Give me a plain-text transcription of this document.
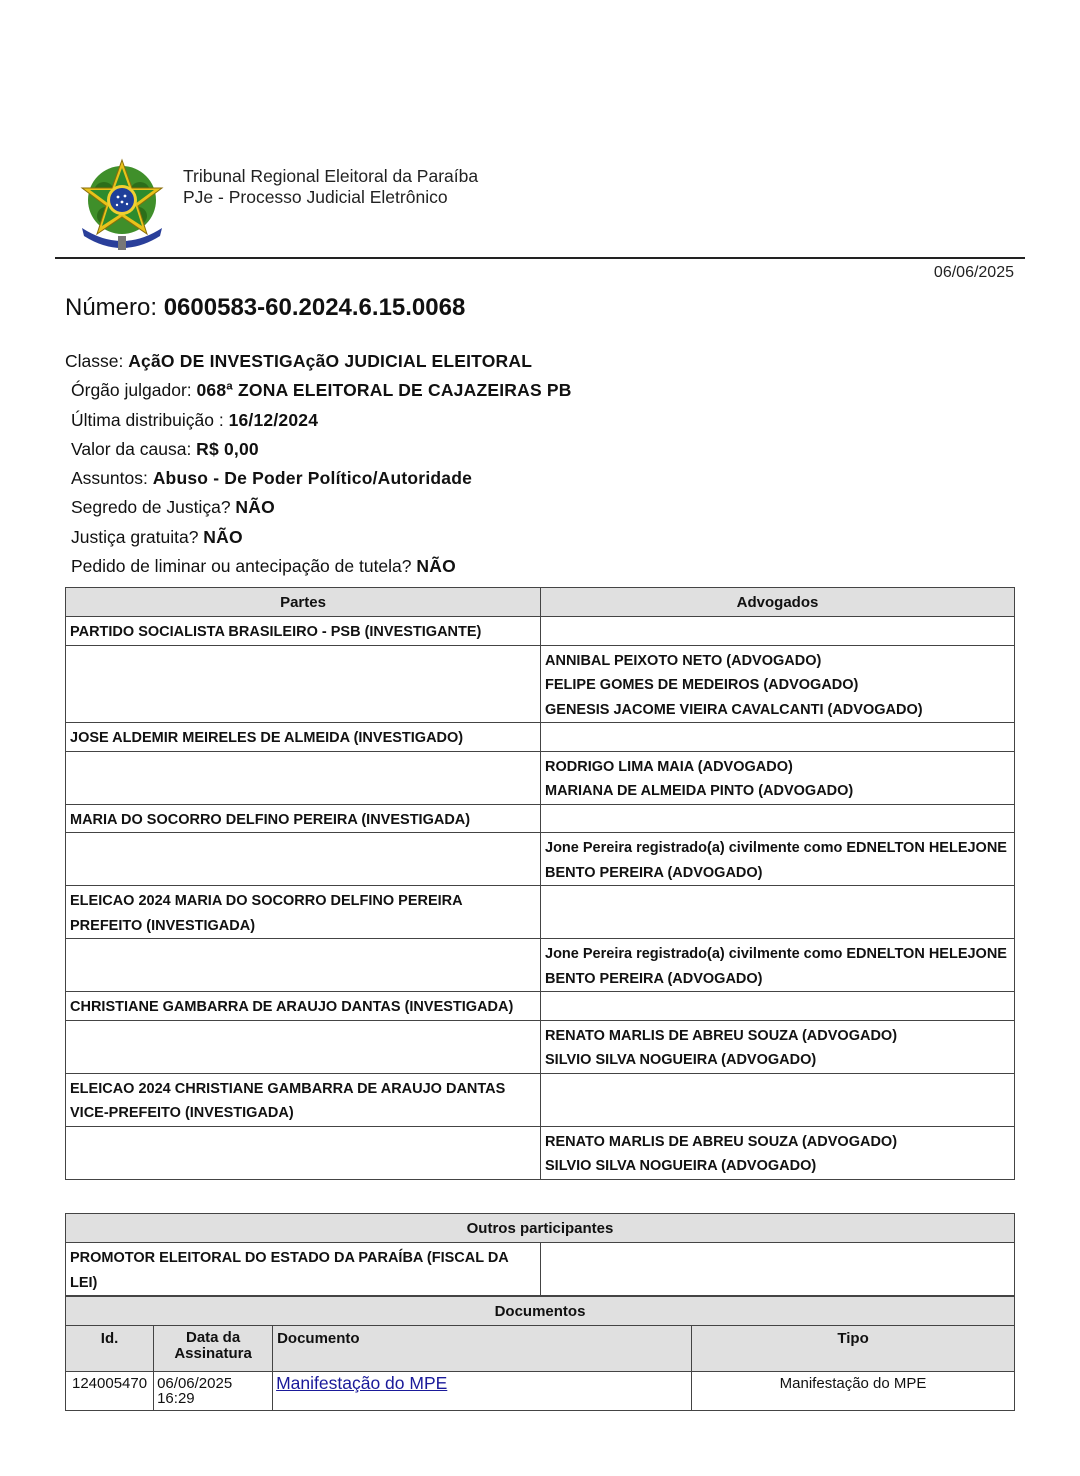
Tribunal Regional Eleitoral da Paraíba
PJe - Processo Judicial Eletrônico
06/06/2025
Número: 0600583-60.2024.6.15.0068
Classe: AçãO DE INVESTIGAçãO JUDICIAL ELEITORAL
Órgão julgador: 068ª ZONA ELEITORAL DE CAJAZEIRAS PB
Última distribuição : 16/12/2024
Valor da causa: R$ 0,00
Assuntos: Abuso - De Poder Político/Autoridade
Segredo de Justiça? NÃO
Justiça gratuita? NÃO
Pedido de liminar ou antecipação de tutela? NÃO
Partes	Advogados

PARTIDO SOCIALISTA BRASILEIRO - PSB (INVESTIGANTE)	

	ANNIBAL PEIXOTO NETO (ADVOGADO)
FELIPE GOMES DE MEDEIROS (ADVOGADO)
GENESIS JACOME VIEIRA CAVALCANTI (ADVOGADO)

JOSE ALDEMIR MEIRELES DE ALMEIDA (INVESTIGADO)	

	RODRIGO LIMA MAIA (ADVOGADO)
MARIANA DE ALMEIDA PINTO (ADVOGADO)

MARIA DO SOCORRO DELFINO PEREIRA (INVESTIGADA)	

	Jone Pereira registrado(a) civilmente como EDNELTON HELEJONE BENTO PEREIRA (ADVOGADO)

ELEICAO 2024 MARIA DO SOCORRO DELFINO PEREIRA PREFEITO (INVESTIGADA)	

	Jone Pereira registrado(a) civilmente como EDNELTON HELEJONE BENTO PEREIRA (ADVOGADO)

CHRISTIANE GAMBARRA DE ARAUJO DANTAS (INVESTIGADA)	

	RENATO MARLIS DE ABREU SOUZA (ADVOGADO)
SILVIO SILVA NOGUEIRA (ADVOGADO)

ELEICAO 2024 CHRISTIANE GAMBARRA DE ARAUJO DANTAS VICE-PREFEITO (INVESTIGADA)	

	RENATO MARLIS DE ABREU SOUZA (ADVOGADO)
SILVIO SILVA NOGUEIRA (ADVOGADO)
Outros participantes
PROMOTOR ELEITORAL DO ESTADO DA PARAÍBA (FISCAL DA LEI)	
Documentos			
Id.	Data da Assinatura	Documento	Tipo
124005470	06/06/2025 16:29	Manifestação do MPE	Manifestação do MPE
